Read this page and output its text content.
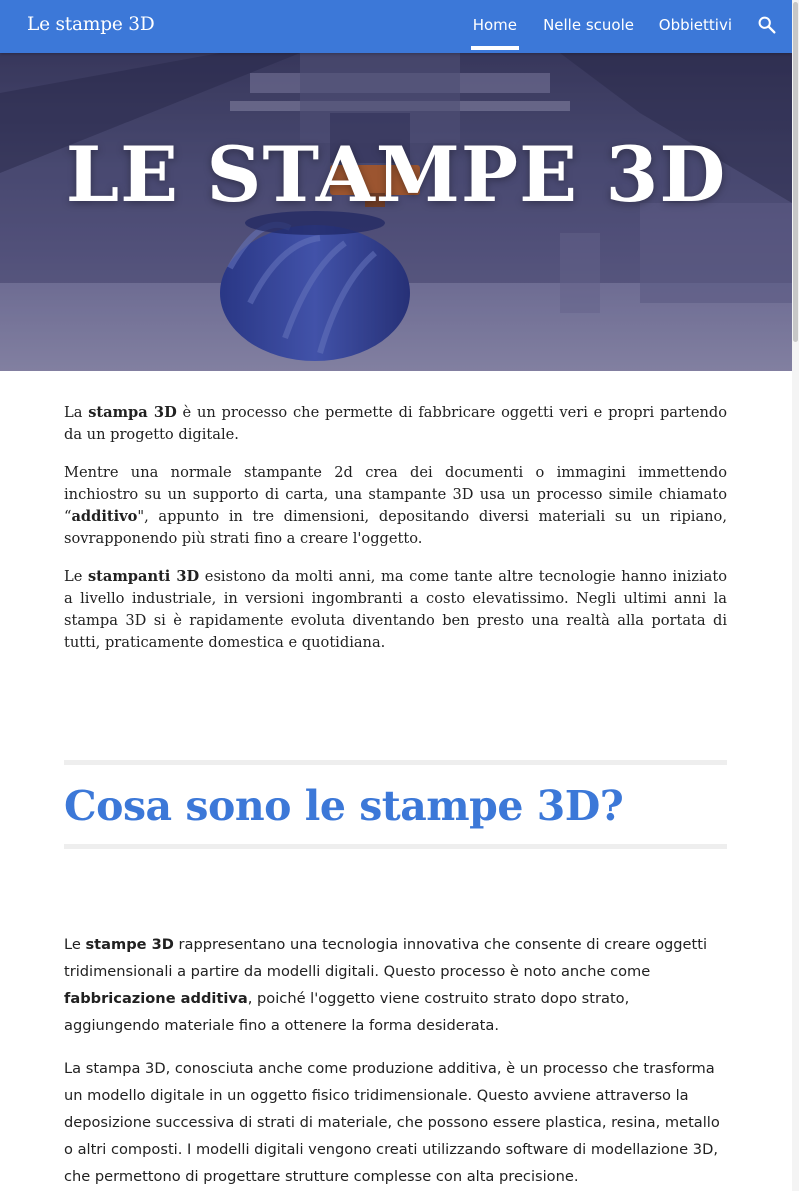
Le stampe 3D	Home Nelle scuole Obbiettivi
LE STAMPE 3D

La stampa 3D è un processo che permette di fabbricare oggetti veri e propri partendo da un progetto digitale.

Mentre una normale stampante 2d crea dei documenti o immagini immettendo inchiostro su un supporto di carta, una stampante 3D usa un processo simile chiamato “additivo", appunto in tre dimensioni, depositando diversi materiali su un ripiano, sovrapponendo più strati fino a creare l'oggetto.

Le stampanti 3D esistono da molti anni, ma come tante altre tecnologie hanno iniziato a livello industriale, in versioni ingombranti a costo elevatissimo. Negli ultimi anni la stampa 3D si è rapidamente evoluta diventando ben presto una realtà alla portata di tutti, praticamente domestica e quotidiana.

Cosa sono le stampe 3D?

Le stampe 3D rappresentano una tecnologia innovativa che consente di creare oggetti tridimensionali a partire da modelli digitali. Questo processo è noto anche come fabbricazione additiva, poiché l'oggetto viene costruito strato dopo strato, aggiungendo materiale fino a ottenere la forma desiderata.

La stampa 3D, conosciuta anche come produzione additiva, è un processo che trasforma un modello digitale in un oggetto fisico tridimensionale. Questo avviene attraverso la deposizione successiva di strati di materiale, che possono essere plastica, resina, metallo o altri composti. I modelli digitali vengono creati utilizzando software di modellazione 3D, che permettono di progettare strutture complesse con alta precisione.
